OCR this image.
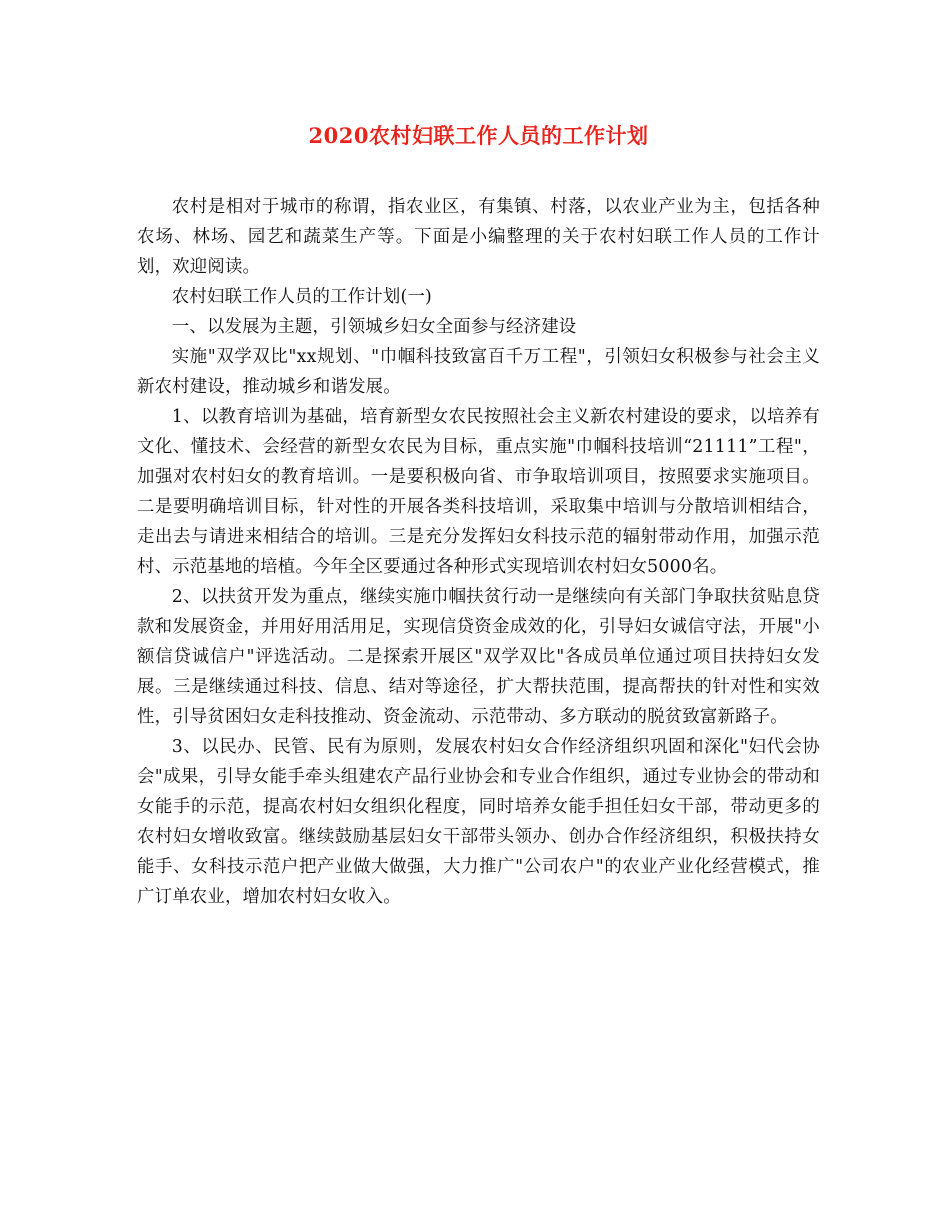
2020农村妇联工作人员的工作计划

农村是相对于城市的称谓，指农业区，有集镇、村落，以农业产业为主，包括各种农场、林场、园艺和蔬菜生产等。下面是小编整理的关于农村妇联工作人员的工作计划，欢迎阅读。

农村妇联工作人员的工作计划(一)

一、以发展为主题，引领城乡妇女全面参与经济建设

实施"双学双比"xx规划、"巾帼科技致富百千万工程"，引领妇女积极参与社会主义新农村建设，推动城乡和谐发展。

1、以教育培训为基础，培育新型女农民按照社会主义新农村建设的要求，以培养有文化、懂技术、会经营的新型女农民为目标，重点实施"巾帼科技培训“21111”工程"，加强对农村妇女的教育培训。一是要积极向省、市争取培训项目，按照要求实施项目。二是要明确培训目标，针对性的开展各类科技培训，采取集中培训与分散培训相结合，走出去与请进来相结合的培训。三是充分发挥妇女科技示范的辐射带动作用，加强示范村、示范基地的培植。今年全区要通过各种形式实现培训农村妇女5000名。

2、以扶贫开发为重点，继续实施巾帼扶贫行动一是继续向有关部门争取扶贫贴息贷款和发展资金，并用好用活用足，实现信贷资金成效的化，引导妇女诚信守法，开展"小额信贷诚信户"评选活动。二是探索开展区"双学双比"各成员单位通过项目扶持妇女发展。三是继续通过科技、信息、结对等途径，扩大帮扶范围，提高帮扶的针对性和实效性，引导贫困妇女走科技推动、资金流动、示范带动、多方联动的脱贫致富新路子。

3、以民办、民管、民有为原则，发展农村妇女合作经济组织巩固和深化"妇代会协会"成果，引导女能手牵头组建农产品行业协会和专业合作组织，通过专业协会的带动和女能手的示范，提高农村妇女组织化程度，同时培养女能手担任妇女干部，带动更多的农村妇女增收致富。继续鼓励基层妇女干部带头领办、创办合作经济组织，积极扶持女能手、女科技示范户把产业做大做强，大力推广"公司农户"的农业产业化经营模式，推广订单农业，增加农村妇女收入。
